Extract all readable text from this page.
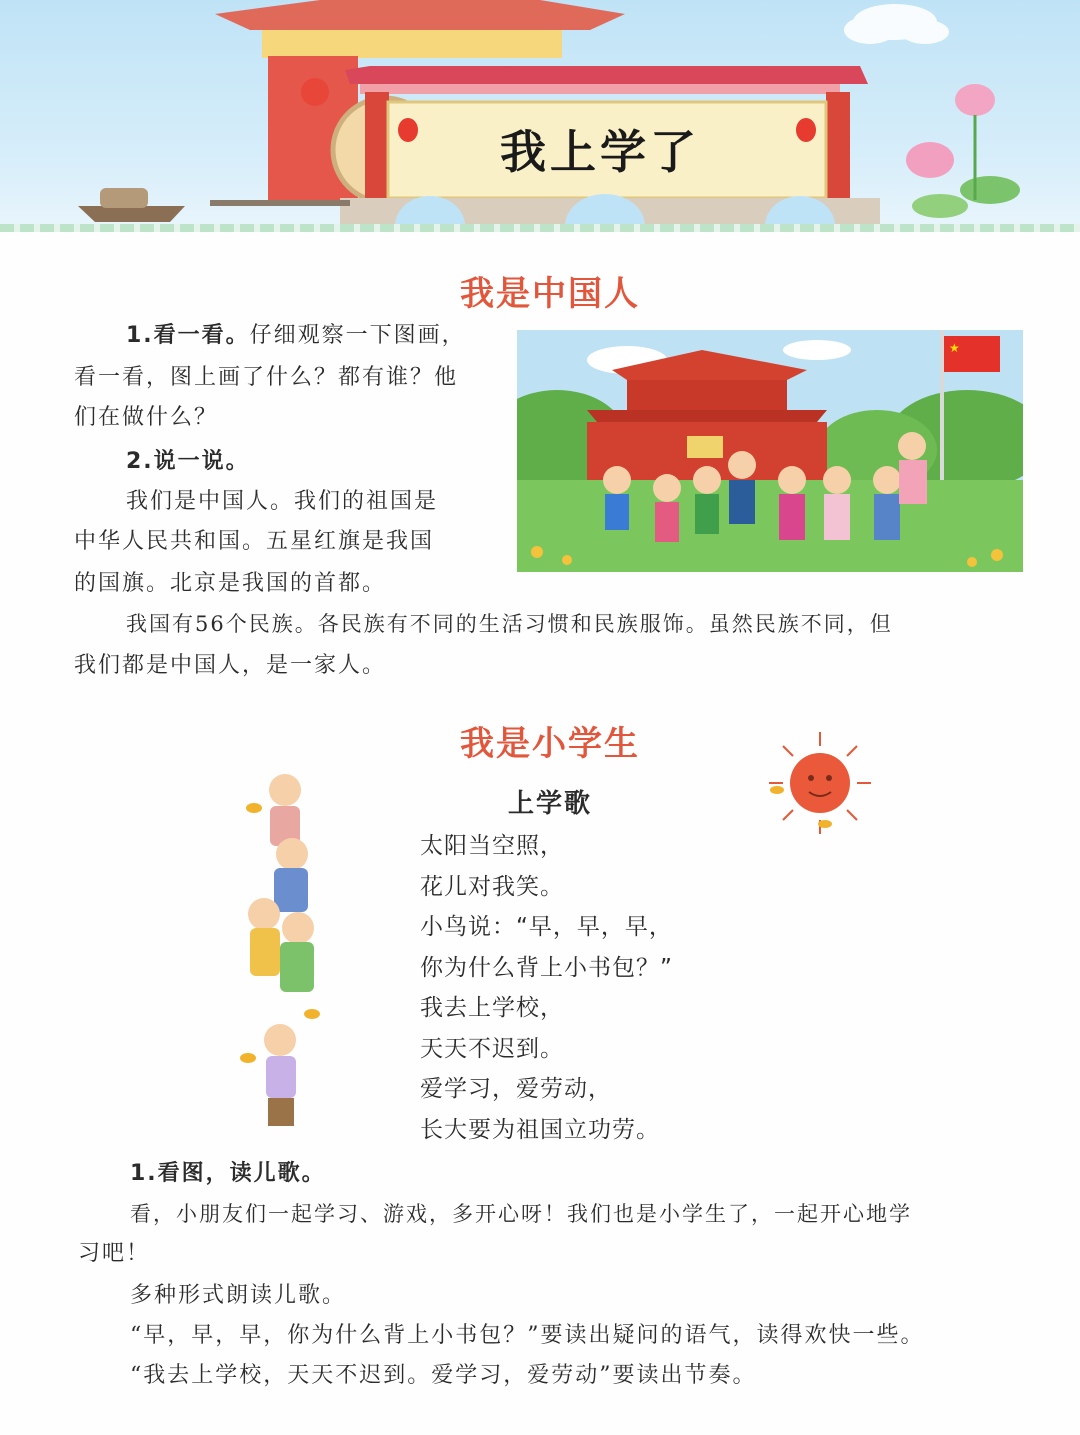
我上学了
我是中国人
1.看一看。仔细观察一下图画，
看一看，图上画了什么？都有谁？他
们在做什么？
2.说一说。
我们是中国人。我们的祖国是
中华人民共和国。五星红旗是我国
的国旗。北京是我国的首都。
我国有56个民族。各民族有不同的生活习惯和民族服饰。虽然民族不同，但
我们都是中国人，是一家人。
★
我是小学生
上学歌
太阳当空照，
花儿对我笑。
小鸟说：“早，早，早，
你为什么背上小书包？”
我去上学校，
天天不迟到。
爱学习，爱劳动，
长大要为祖国立功劳。
1.看图，读儿歌。
看，小朋友们一起学习、游戏，多开心呀！我们也是小学生了，一起开心地学
习吧！
多种形式朗读儿歌。
“早，早，早，你为什么背上小书包？”要读出疑问的语气，读得欢快一些。
“我去上学校，天天不迟到。爱学习，爱劳动”要读出节奏。
